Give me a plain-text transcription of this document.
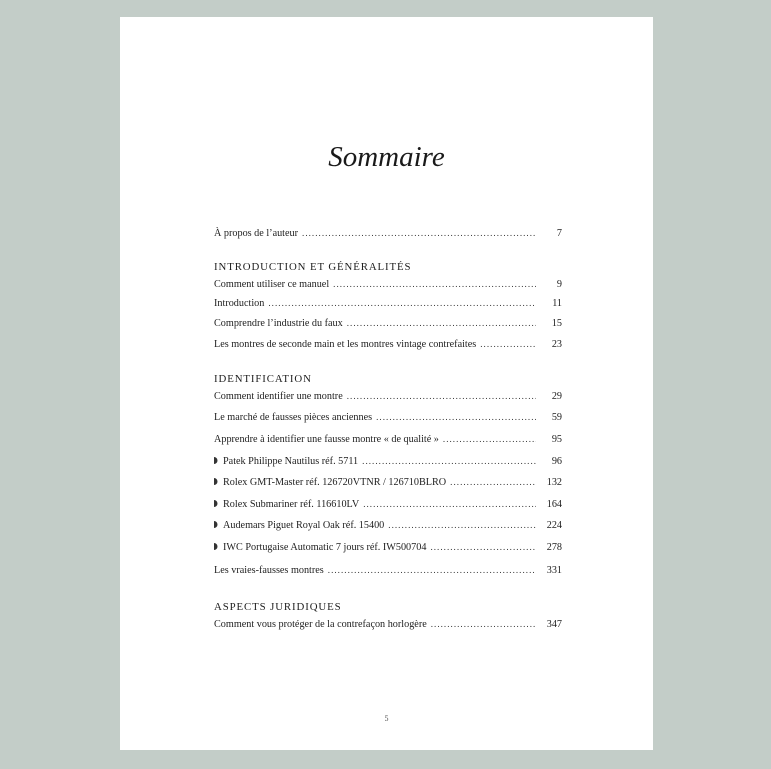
Sommaire
À propos de l’auteur . . .	7
INTRODUCTION ET GÉNÉRALITÉS
Comment utiliser ce manuel . . .	9
Introduction . . .	11
Comprendre l’industrie du faux . . .	15
Les montres de seconde main et les montres vintage contrefaites . . .	23
IDENTIFICATION
Comment identifier une montre . . .	29
Le marché de fausses pièces anciennes . . .	59
Apprendre à identifier une fausse montre « de qualité » . . .	95
Patek Philippe Nautilus réf. 5711 . . .	96
Rolex GMT-Master réf. 126720VTNR / 126710BLRO . . .	132
Rolex Submariner réf. 116610LV . . .	164
Audemars Piguet Royal Oak réf. 15400 . . .	224
IWC Portugaise Automatic 7 jours réf. IW500704 . . .	278
Les vraies-fausses montres . . .	331
ASPECTS JURIDIQUES
Comment vous protéger de la contrefaçon horlogère . . .	347
5
